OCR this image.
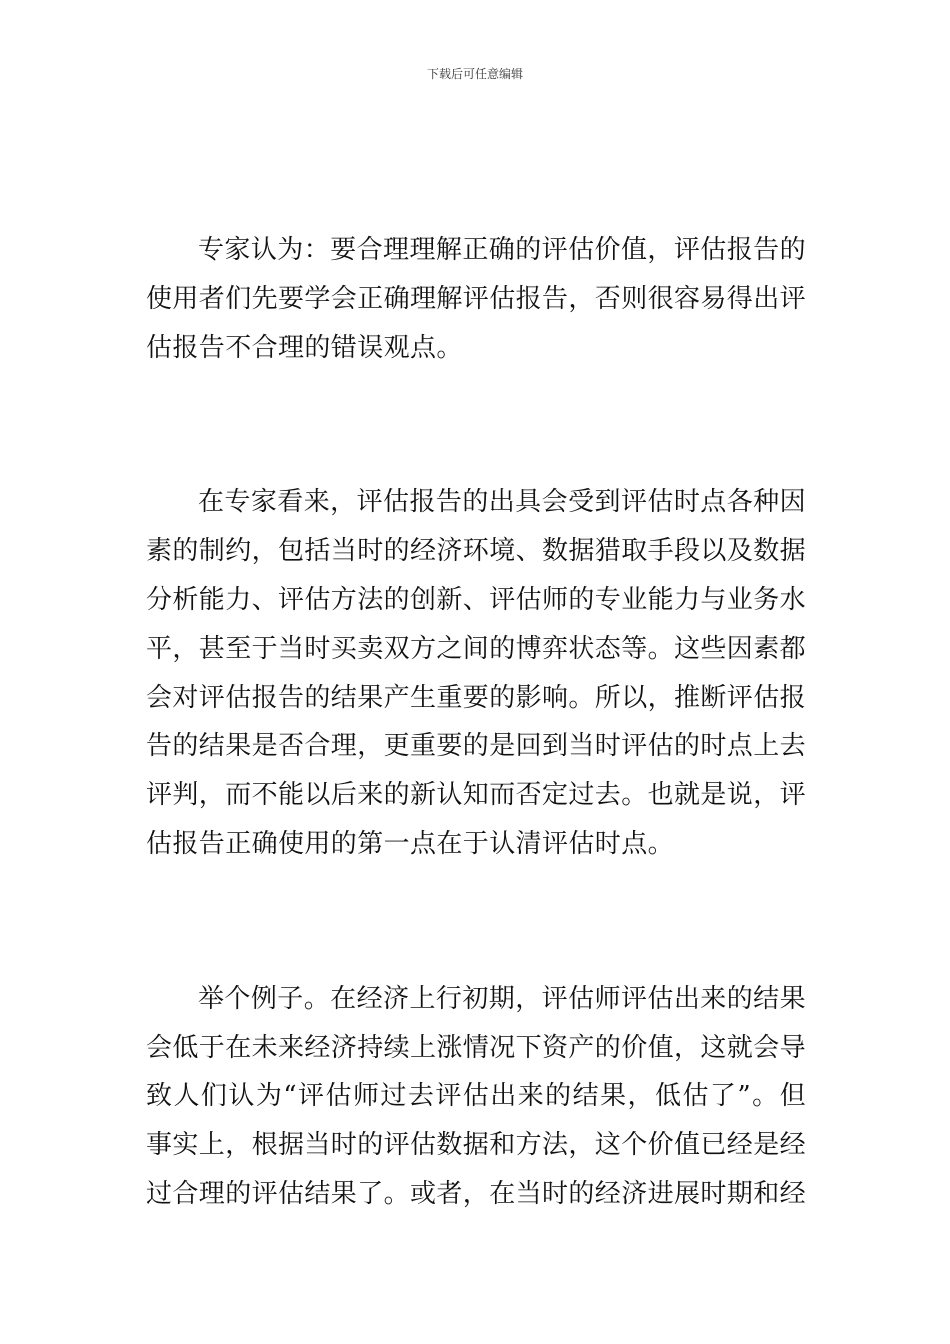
下载后可任意编辑

专家认为：要合理理解正确的评估价值，评估报告的使用者们先要学会正确理解评估报告，否则很容易得出评估报告不合理的错误观点。

在专家看来，评估报告的出具会受到评估时点各种因素的制约，包括当时的经济环境、数据猎取手段以及数据分析能力、评估方法的创新、评估师的专业能力与业务水平，甚至于当时买卖双方之间的博弈状态等。这些因素都会对评估报告的结果产生重要的影响。所以，推断评估报告的结果是否合理，更重要的是回到当时评估的时点上去评判，而不能以后来的新认知而否定过去。也就是说，评估报告正确使用的第一点在于认清评估时点。

举个例子。在经济上行初期，评估师评估出来的结果会低于在未来经济持续上涨情况下资产的价值，这就会导致人们认为“评估师过去评估出来的结果，低估了”。但事实上，根据当时的评估数据和方法，这个价值已经是经过合理的评估结果了。或者，在当时的经济进展时期和经
